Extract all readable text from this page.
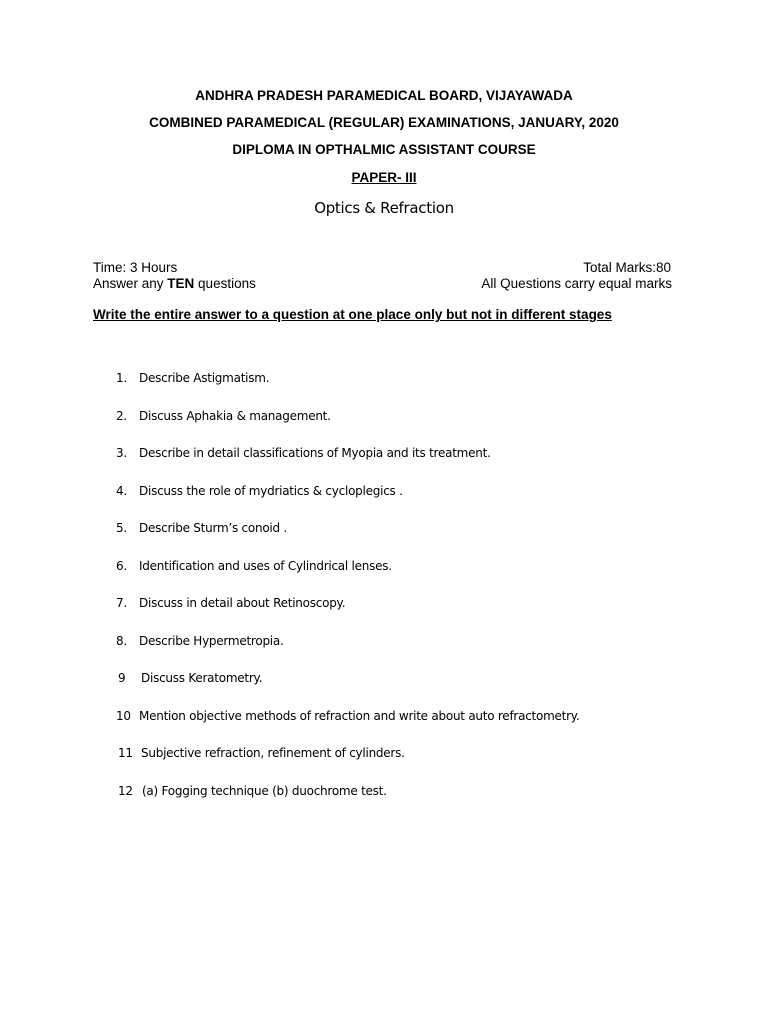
ANDHRA PRADESH PARAMEDICAL BOARD, VIJAYAWADA
COMBINED PARAMEDICAL (REGULAR) EXAMINATIONS, JANUARY, 2020
DIPLOMA IN OPTHALMIC ASSISTANT COURSE
PAPER- III
Optics & Refraction
Time: 3 Hours	Total Marks:80
Answer any TEN questions	All Questions carry equal marks
Write the entire answer to a question at one place only but not in different stages
1. Describe Astigmatism.
2. Discuss Aphakia & management.
3. Describe in detail classifications of Myopia and its treatment.
4. Discuss the role of mydriatics & cycloplegics .
5. Describe Sturm’s conoid .
6. Identification and uses of Cylindrical lenses.
7. Discuss in detail about Retinoscopy.
8. Describe Hypermetropia.
9 Discuss Keratometry.
10 Mention objective methods of refraction and write about auto refractometry.
11 Subjective refraction, refinement of cylinders.
12 (a) Fogging technique (b) duochrome test.
